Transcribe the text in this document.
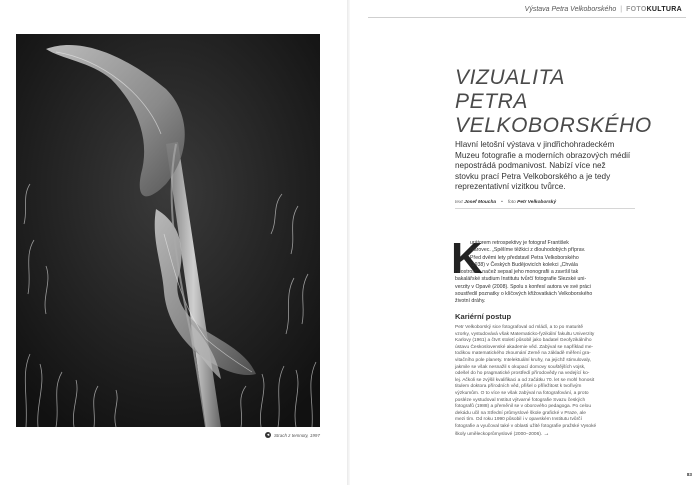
◂	Strach z temnoty, 1997
Výstava Petra Velkoborského | FOTOKULTURA
VIZUALITA
PETRA VELKOBORSKÉHO

Hlavní letošní výstava v jindřichohradeckém Muzeu fotografie a moderních obrazových médií nepostrádá podmanivost. Nabízí více než stovku prací Petra Velkoborského a je tedy reprezentativní vizitkou tvůrce.

text Josef Moucha • foto Petr Velkoborský
K

urátorem retrospektivy je fotograf František
Nárovec. „Spělíme těžkici z dlouhodobých příprav.
Před dvěmi lety představil Petra Velkoborského
(1938) v Českých Budějovicích kolekci „Chvála
neostrosti", načež sepsal jeho monografii a završil tak
bakalářské studium Institutu tvůrčí fotografie Slezské uni-
verzity v Opavě (2008). Spolu s konfesí autora ve své práci
soustředil poznatky o klíčových křižovatkách Velkoborského
životní dráhy.

Kariérní postup

Petr Velkoborský sice fotografoval od mládí, a to po maturitě
vzorky, vystudovává však Matematicko-fyzikální fakultu Univerzity
Karlovy (1961) a čtvrt století působil jako badatel Geofyzikálního
ústavu Československé akademie věd. Zabýval se například me-
todikou matematického zkoumání Země na základě měření gra-
vitačního pole planety. Intelektuální kruhy, na jejichž stimulovaly,
jakmile se však nesnažil s okupací domovy souštějších vojsk,
odešel do ho pragmatické prostředí přírodovědy na vedející ko-
lej. Ačkoli se zvýšil kvalifikaci a od začátku 70. let se mohl honosit
titulem doktora přírodních věd, přišel o příležitost k tvořivým
výzkumům. O to více se však zabýval na fotografování, a proto
posléze vystudoval Institut výtvarné fotografie Svazu českých
fotografů (1988) a přeměnil se v oborového pedagoga. Po celou
dekádu učil na Střední průmyslové škole grafické v Praze, ale
mezi tím. Od roku 1990 působil i v opavském Institutu tvůrčí
fotografie a vyučoval také v oblasti užité fotografie pražské Vysoké
školy uměleckoprůmyslové (2000–2006). →

83
